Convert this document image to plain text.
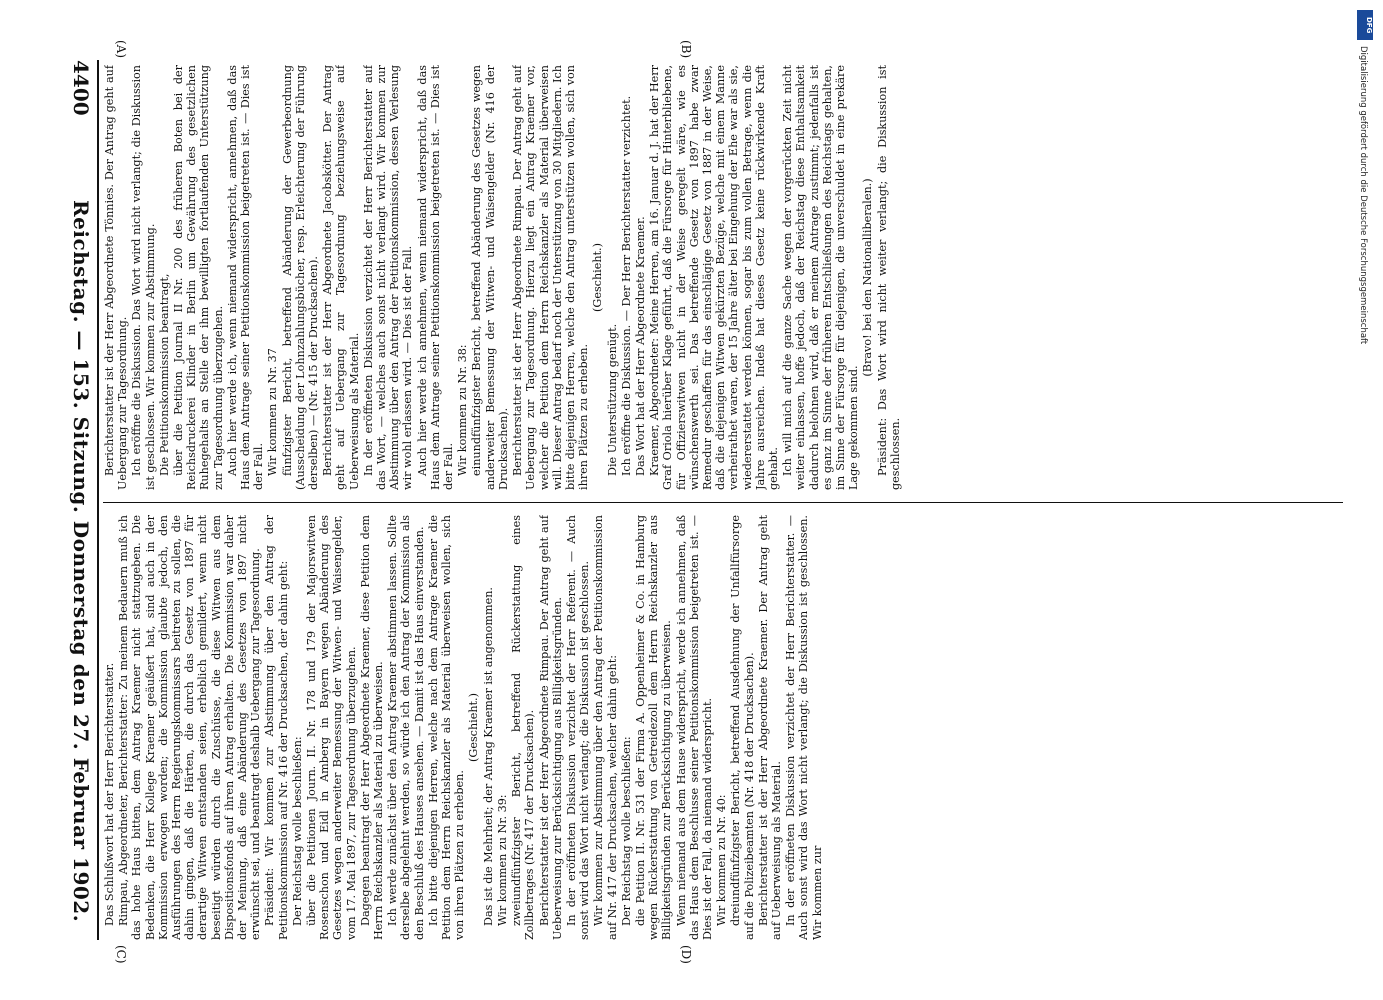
4400
Reichstag. — 153. Sitzung. Donnerstag den 27. Februar 1902.
(A)	(B)
(C)	(D)

Berichterstatter ist der Herr Abgeordnete Tönnies. Der Antrag geht auf Uebergang zur Tagesordnung. Ich eröffne die Diskussion. Das Wort wird nicht verlangt; die Diskussion ist geschlossen. Wir kommen zur Abstimmung. Die Petitionskommission beantragt, über die Petition Journal II Nr. 200 des früheren Boten bei der Reichsdruckerei Klinder in Berlin um Gewährung des gesetzlichen Ruhegehalts an Stelle der ihm bewilligten fortlaufenden Unterstützung zur Tagesordnung überzugehen. Auch hier werde ich, wenn niemand widerspricht, annehmen, daß das Haus dem Antrage seiner Petitionskommission beigetreten ist. — Dies ist der Fall. Wir kommen zu Nr. 37 fünfzigster Bericht, betreffend Abänderung der Gewerbeordnung (Ausscheidung der Lohnzahlungsbücher, resp. Erleichterung der Führung derselben) — (Nr. 415 der Drucksachen). Berichterstatter ist der Herr Abgeordnete Jacobskötter. Der Antrag geht auf Uebergang zur Tagesordnung beziehungsweise auf Ueberweisung als Material. In der eröffneten Diskussion verzichtet der Herr Berichterstatter auf das Wort, — welches auch sonst nicht verlangt wird. Wir kommen zur Abstimmung über den Antrag der Petitionskommission, dessen Verlesung wir wohl erlassen wird. — Dies ist der Fall. Auch hier werde ich annehmen, wenn niemand widerspricht, daß das Haus dem Antrage seiner Petitionskommission beigetreten ist. — Dies ist der Fall. Wir kommen zu Nr. 38: einundfünfzigster Bericht, betreffend Abänderung des Gesetzes wegen anderweiter Bemessung der Witwen- und Waisengelder (Nr. 416 der Drucksachen). Berichterstatter ist der Herr Abgeordnete Rimpau. Der Antrag geht auf Uebergang zur Tagesordnung. Hierzu liegt ein Antrag Kraemer vor, welcher die Petition dem Herrn Reichskanzler als Material überweisen will. Dieser Antrag bedarf noch der Unterstützung von 30 Mitgliedern. Ich bitte diejenigen Herren, welche den Antrag unterstützen wollen, sich von ihren Plätzen zu erheben.

(Geschieht.)

Die Unterstützung genügt. Ich eröffne die Diskussion. — Der Herr Berichterstatter verzichtet. Das Wort hat der Herr Abgeordnete Kraemer. Kraemer, Abgeordneter: Meine Herren, am 16. Januar d. J. hat der Herr Graf Oriola hierüber Klage geführt, daß die Fürsorge für Hinterbliebene, für Offizierswitwen nicht in der Weise geregelt wäre, wie es wünschenswerth sei. Das betreffende Gesetz von 1897 habe zwar Remedur geschaffen für das einschlägige Gesetz von 1887 in der Weise, daß die diejenigen Witwen gekürzten Bezüge, welche mit einem Manne verheirathet waren, der 15 Jahre älter bei Eingehung der Ehe war als sie, wiedererstattet werden können, sogar bis zum vollen Betrage, wenn die Jahre ausreichen. Indeß hat dieses Gesetz keine rückwirkende Kraft gehabt. Ich will mich auf die ganze Sache wegen der vorgerückten Zeit nicht weiter einlassen, hoffe jedoch, daß der Reichstag diese Enthaltsamkeit dadurch belohnen wird, daß er meinem Antrage zustimmt; jedenfalls ist es ganz im Sinne der früheren Entschließungen des Reichstags gehalten, im Sinne der Fürsorge für diejenigen, die unverschuldet in eine prekäre Lage gekommen sind.

(Bravo! bei den Nationalliberalen.) Präsident: Das Wort wird nicht weiter verlangt; die Diskussion ist geschlossen.

Das Schlußwort hat der Herr Berichterstatter. Rimpau, Abgeordneter, Berichterstatter: Zu meinem Bedauern muß ich das hohe Haus bitten, dem Antrag Kraemer nicht stattzugeben. Die Bedenken, die Herr Kollege Kraemer geäußert hat, sind auch in der Kommission erwogen worden; die Kommission glaubte jedoch, den Ausführungen des Herrn Regierungskommissars beitreten zu sollen, die dahin gingen, daß die Härten, die durch das Gesetz von 1897 für derartige Witwen entstanden seien, erheblich gemildert, wenn nicht beseitigt würden durch die Zuschüsse, die diese Witwen aus dem Dispositionsfonds auf ihren Antrag erhalten. Die Kommission war daher der Meinung, daß eine Abänderung des Gesetzes von 1897 nicht erwünscht sei, und beantragt deshalb Uebergang zur Tagesordnung. Präsident: Wir kommen zur Abstimmung über den Antrag der Petitionskommission auf Nr. 416 der Drucksachen, der dahin geht: Der Reichstag wolle beschließen: über die Petitionen Journ. II. Nr. 178 und 179 der Majorswitwen Rosenschon und Eidl in Amberg in Bayern wegen Abänderung des Gesetzes wegen anderweiter Bemessung der Witwen- und Waisengelder, vom 17. Mai 1897, zur Tagesordnung überzugehen. Dagegen beantragt der Herr Abgeordnete Kraemer, diese Petition dem Herrn Reichskanzler als Material zu überweisen. Ich werde zunächst über den Antrag Kraemer abstimmen lassen. Sollte derselbe abgelehnt werden, so würde ich den Antrag der Kommission als den Beschluß des Hauses ansehen. — Damit ist das Haus einverstanden. Ich bitte diejenigen Herren, welche nach dem Antrage Kraemer die Petition dem Herrn Reichskanzler als Material überweisen wollen, sich von ihren Plätzen zu erheben.

(Geschieht.) Das ist die Mehrheit; der Antrag Kraemer ist angenommen. Wir kommen zu Nr. 39: zweiundfünfzigster Bericht, betreffend Rückerstattung eines Zollbetrages (Nr. 417 der Drucksachen). Berichterstatter ist der Herr Abgeordnete Rimpau. Der Antrag geht auf Ueberweisung zur Berücksichtigung aus Billigkeitsgründen. In der eröffneten Diskussion verzichtet der Herr Referent. — Auch sonst wird das Wort nicht verlangt; die Diskussion ist geschlossen. Wir kommen zur Abstimmung über den Antrag der Petitionskommission auf Nr. 417 der Drucksachen, welcher dahin geht: Der Reichstag wolle beschließen: die Petition II. Nr. 531 der Firma A. Oppenheimer & Co. in Hamburg wegen Rückerstattung von Getreidezoll dem Herrn Reichskanzler aus Billigkeitsgründen zur Berücksichtigung zu überweisen. Wenn niemand aus dem Hause widerspricht, werde ich annehmen, daß das Haus dem Beschlusse seiner Petitionskommission beigetreten ist. — Dies ist der Fall, da niemand widerspricht. Wir kommen zu Nr. 40: dreiundfünfzigster Bericht, betreffend Ausdehnung der Unfallfürsorge auf die Polizeibeamten (Nr. 418 der Drucksachen). Berichterstatter ist der Herr Abgeordnete Kraemer. Der Antrag geht auf Ueberweisung als Material. In der eröffneten Diskussion verzichtet der Herr Berichterstatter. — Auch sonst wird das Wort nicht verlangt; die Diskussion ist geschlossen. Wir kommen zur

DFG
Digitalisierung gefördert durch die Deutsche Forschungsgemeinschaft
